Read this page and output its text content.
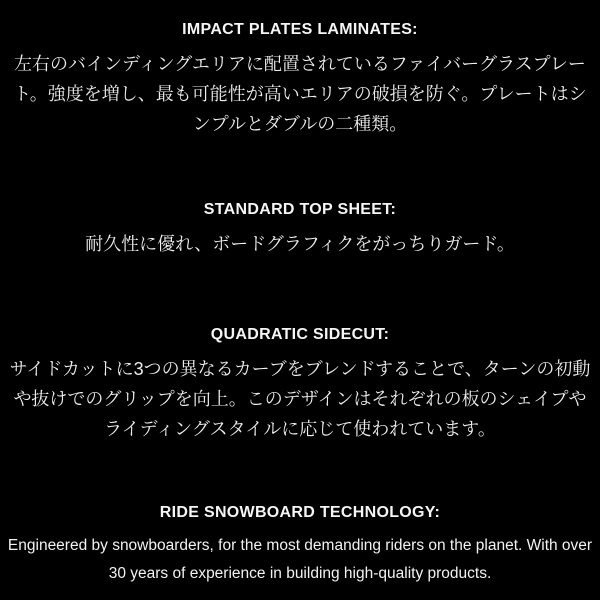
IMPACT PLATES LAMINATES:

左右のバインディングエリアに配置されているファイバーグラスプレート。強度を増し、最も可能性が高いエリアの破損を防ぐ。プレートはシンプルとダブルの二種類。

STANDARD TOP SHEET:

耐久性に優れ、ボードグラフィクをがっちりガード。

QUADRATIC SIDECUT:

サイドカットに3つの異なるカーブをブレンドすることで、ターンの初動や抜けでのグリップを向上。このデザインはそれぞれの板のシェイプやライディングスタイルに応じて使われています。

RIDE SNOWBOARD TECHNOLOGY:

Engineered by snowboarders, for the most demanding riders on the planet. With over 30 years of experience in building high-quality products.
